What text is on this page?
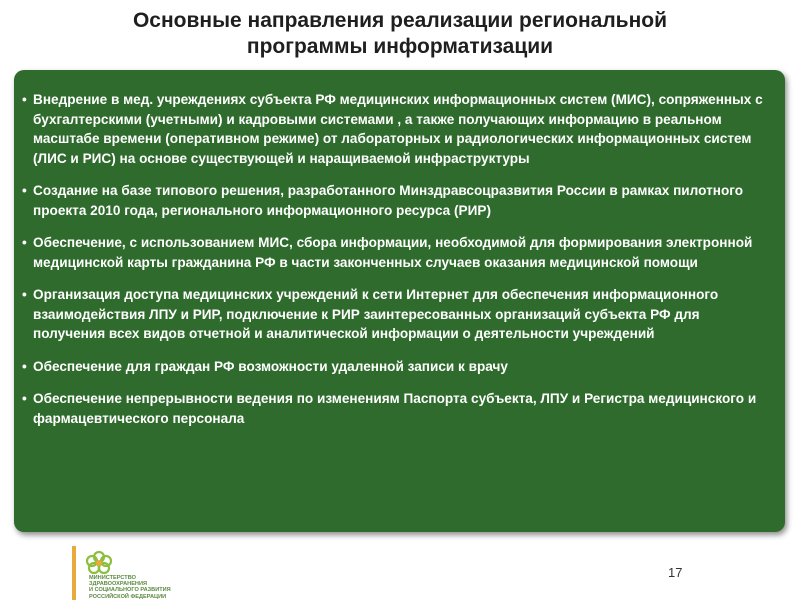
Основные направления реализации региональной
программы информатизации
• Внедрение в мед. учреждениях субъекта РФ медицинских информационных систем (МИС), сопряженных с бухгалтерскими (учетными) и кадровыми системами , а также получающих информацию в реальном масштабе времени (оперативном режиме) от лабораторных и радиологических информационных систем (ЛИС и РИС) на основе существующей и наращиваемой инфраструктуры
• Создание на базе типового решения, разработанного Минздравсоцразвития России в рамках пилотного проекта 2010 года, регионального информационного ресурса (РИР)
• Обеспечение, с использованием МИС, сбора информации, необходимой для формирования электронной медицинской карты гражданина РФ в части законченных случаев оказания медицинской помощи
• Организация доступа медицинских учреждений к сети Интернет для обеспечения информационного взаимодействия ЛПУ и РИР, подключение к РИР заинтересованных организаций субъекта РФ для получения всех видов отчетной и аналитической информации о деятельности учреждений
• Обеспечение для граждан РФ возможности удаленной записи к врачу
• Обеспечение непрерывности ведения по изменениям Паспорта субъекта, ЛПУ и Регистра медицинского и фармацевтического персонала
МИНИСТЕРСТВО
ЗДРАВООХРАНЕНИЯ
И СОЦИАЛЬНОГО РАЗВИТИЯ
РОССИЙСКОЙ ФЕДЕРАЦИИ
17
